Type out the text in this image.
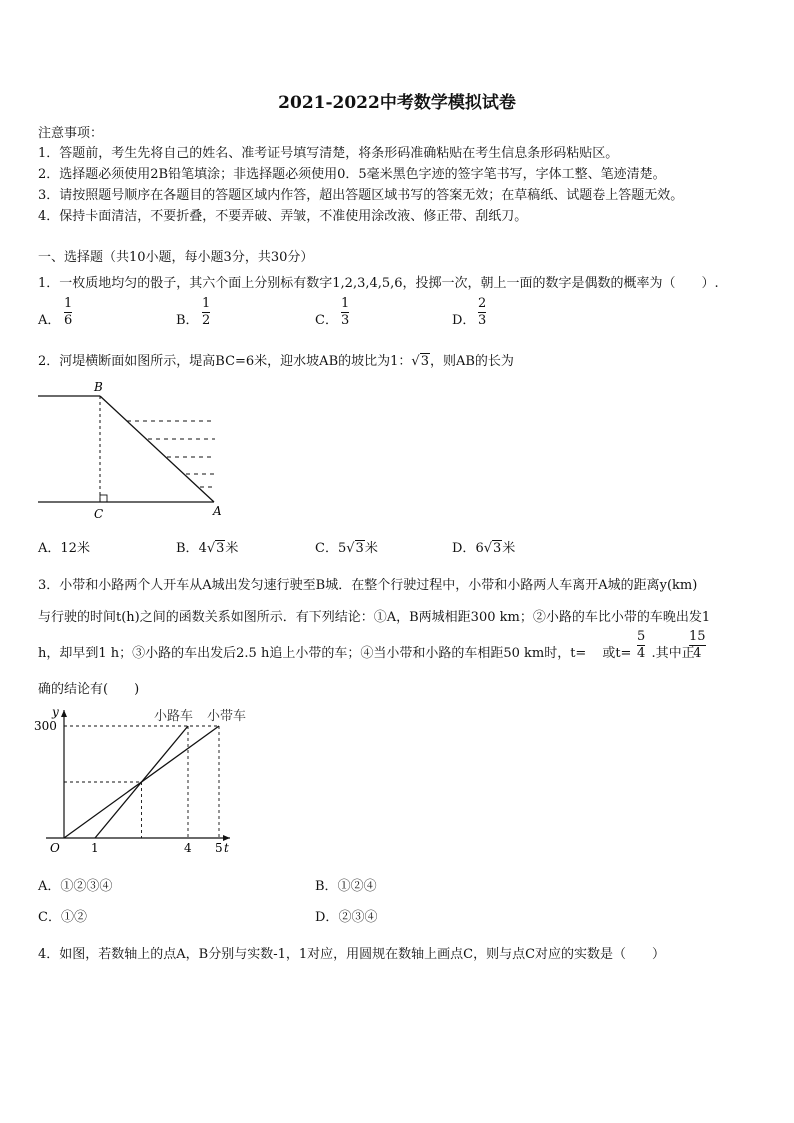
2021-2022中考数学模拟试卷
注意事项：
1．答题前，考生先将自己的姓名、准考证号填写清楚，将条形码准确粘贴在考生信息条形码粘贴区。
2．选择题必须使用2B铅笔填涂；非选择题必须使用0．5毫米黑色字迹的签字笔书写，字体工整、笔迹清楚。
3．请按照题号顺序在各题目的答题区域内作答，超出答题区域书写的答案无效；在草稿纸、试题卷上答题无效。
4．保持卡面清洁，不要折叠，不要弄破、弄皱，不准使用涂改液、修正带、刮纸刀。
一、选择题（共10小题，每小题3分，共30分）
1．一枚质地均匀的骰子，其六个面上分别标有数字1,2,3,4,5,6，投掷一次，朝上一面的数字是偶数的概率为（　　）.
A．
1
6	B．
1
2	C．
1
3	D．
2
3
2．河堤横断面如图所示，堤高BC=6米，迎水坡AB的坡比为1：√3，则AB的长为
B
C	A
A．12米	B．4√3米	C．5√3米	D．6√3米
3．小带和小路两个人开车从A城出发匀速行驶至B城．在整个行驶过程中，小带和小路两人车离开A城的距离y(km)
与行驶的时间t(h)之间的函数关系如图所示．有下列结论：①A，B两城相距300 km；②小路的车比小带的车晚出发1
h，却早到1 h；③小路的车出发后2.5 h追上小带的车；④当小带和小路的车相距50 km时，t= 或t= .其中正
5
4
15
4
确的结论有(　　)
t
y
O	1	4 5
300
小路车 小带车
A．①②③④	B．①②④
C．①②	D．②③④
4．如图，若数轴上的点A，B分别与实数-1，1对应，用圆规在数轴上画点C，则与点C对应的实数是（　　）
